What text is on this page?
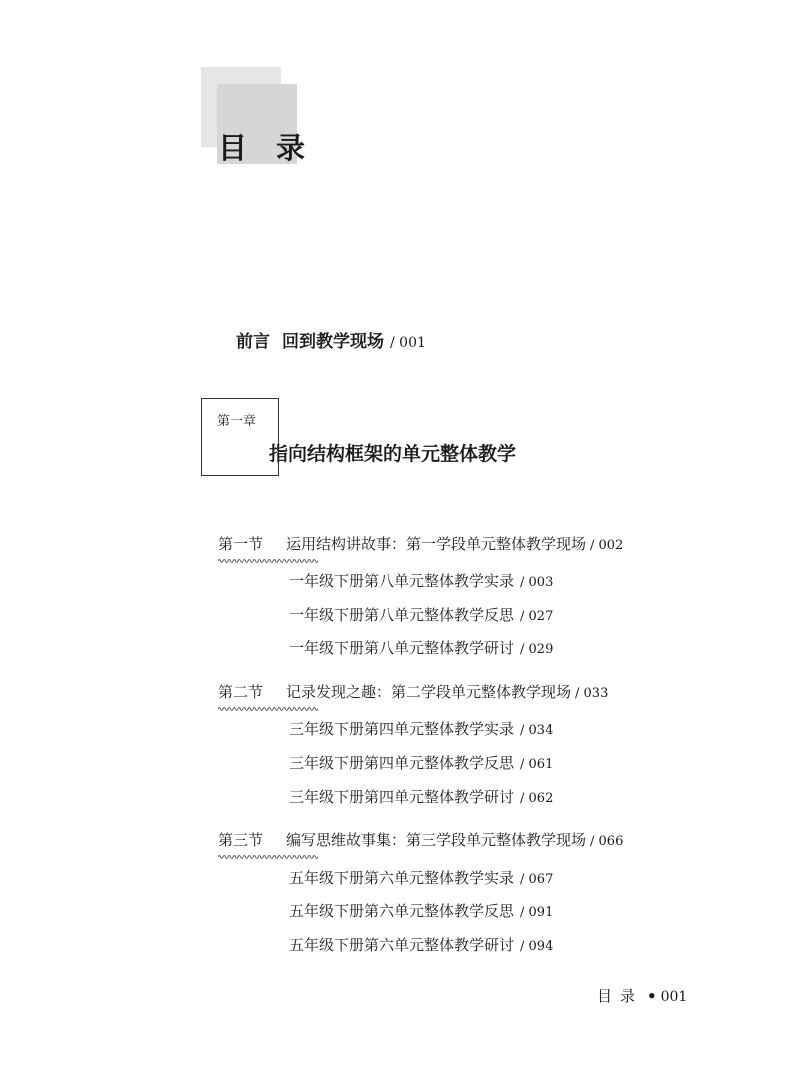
目录
前言 回到教学现场 / 001
第一章
指向结构框架的单元整体教学
第一节 运用结构讲故事：第一学段单元整体教学现场 / 002
一年级下册第八单元整体教学实录 / 003
一年级下册第八单元整体教学反思 / 027
一年级下册第八单元整体教学研讨 / 029
第二节 记录发现之趣：第二学段单元整体教学现场 / 033
三年级下册第四单元整体教学实录 / 034
三年级下册第四单元整体教学反思 / 061
三年级下册第四单元整体教学研讨 / 062
第三节 编写思维故事集：第三学段单元整体教学现场 / 066
五年级下册第六单元整体教学实录 / 067
五年级下册第六单元整体教学反思 / 091
五年级下册第六单元整体教学研讨 / 094
目录 • 001
